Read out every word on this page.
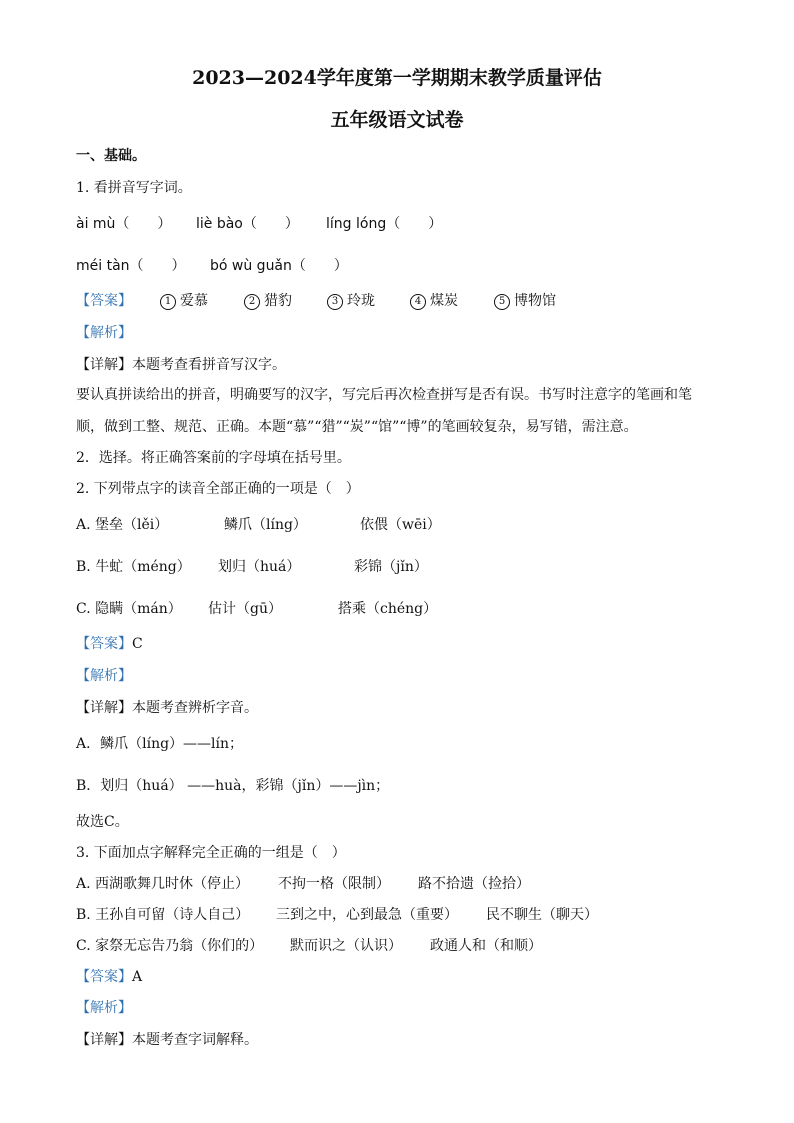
2023—2024学年度第一学期期末教学质量评估
五年级语文试卷
一、基础。
1. 看拼音写字词。
ài mù（　　） liè bào（　　） líng lóng（　　）
méi tàn（　　） bó wù guǎn（　　）
【答案】	1 爱慕	2 猎豹	3 玲珑	4 煤炭	5 博物馆
【解析】
【详解】本题考查看拼音写汉字。
要认真拼读给出的拼音，明确要写的汉字，写完后再次检查拼写是否有误。书写时注意字的笔画和笔
顺，做到工整、规范、正确。本题“慕”“猎”“炭”“馆”“博”的笔画较复杂，易写错，需注意。
2．选择。将正确答案前的字母填在括号里。
2. 下列带点字的读音全部正确的一项是（　）
A. 堡垒（lěi）	鳞爪（líng）	依偎（wēi）
B. 牛虻（méng） 划归（huá）	彩锦（jǐn）
C. 隐瞒（mán） 估计（gū）	搭乘（chéng）
【答案】C
【解析】
【详解】本题考查辨析字音。
A．鳞爪（líng）——lín；
B．划归（huá） ——huà，彩锦（jǐn）——jìn；
故选C。
3. 下面加点字解释完全正确的一组是（　）
A. 西湖歌舞几时休（停止） 不拘一格（限制） 路不拾遗（捡拾）
B. 王孙自可留（诗人自己） 三到之中，心到最急（重要） 民不聊生（聊天）
C. 家祭无忘告乃翁（你们的） 默而识之（认识） 政通人和（和顺）
【答案】A
【解析】
【详解】本题考查字词解释。
